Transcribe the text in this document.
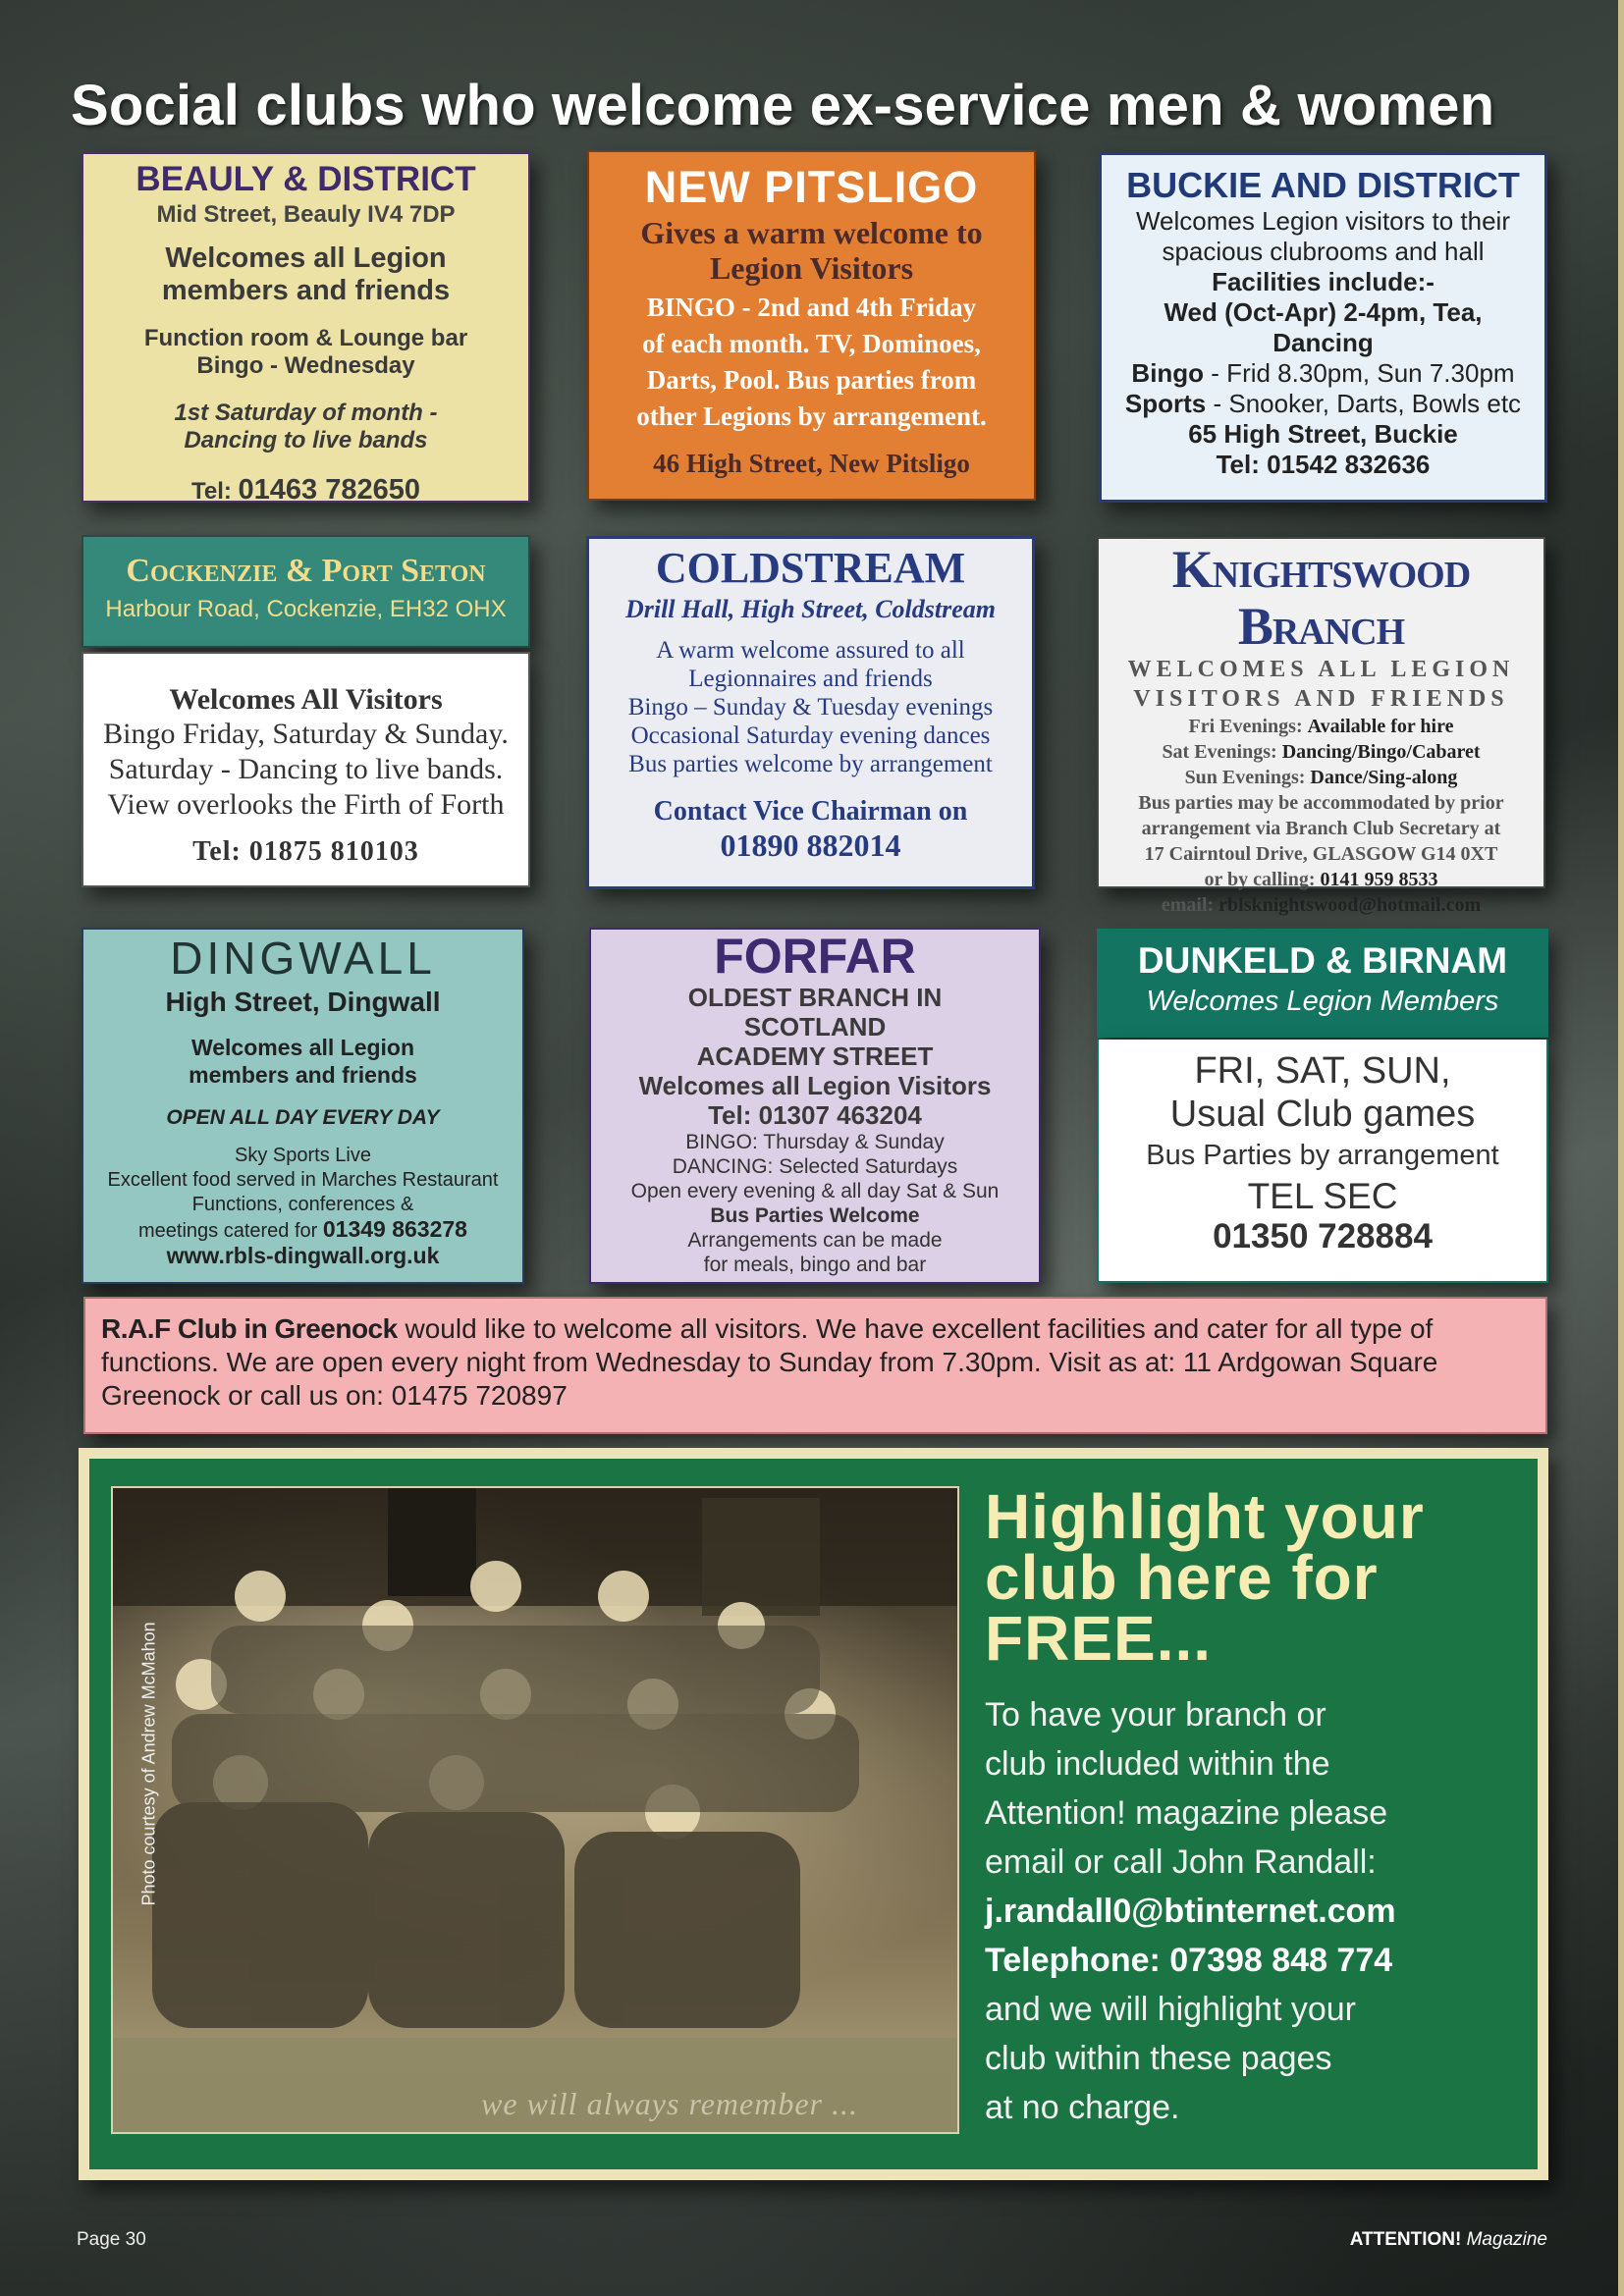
Social clubs who welcome ex-service men & women

BEAULY & DISTRICT

Mid Street, Beauly IV4 7DP

Welcomes all Legion
members and friends

Function room & Lounge bar
Bingo - Wednesday

1st Saturday of month -
Dancing to live bands

Tel: 01463 782650

NEW PITSLIGO

Gives a warm welcome to
Legion Visitors

BINGO - 2nd and 4th Friday
of each month. TV, Dominoes,
Darts, Pool. Bus parties from
other Legions by arrangement.

46 High Street, New Pitsligo

BUCKIE AND DISTRICT

Welcomes Legion visitors to their
spacious clubrooms and hall

Facilities include:-

Wed (Oct-Apr) 2-4pm, Tea,
Dancing

Bingo - Frid 8.30pm, Sun 7.30pm

Sports - Snooker, Darts, Bowls etc

65 High Street, Buckie

Tel: 01542 832636

Cockenzie & Port Seton

Harbour Road, Cockenzie, EH32 OHX

Welcomes All Visitors

Bingo Friday, Saturday & Sunday.

Saturday - Dancing to live bands.

View overlooks the Firth of Forth

Tel: 01875 810103

COLDSTREAM

Drill Hall, High Street, Coldstream

A warm welcome assured to all

Legionnaires and friends

Bingo – Sunday & Tuesday evenings

Occasional Saturday evening dances

Bus parties welcome by arrangement

Contact Vice Chairman on

01890 882014

Knightswood Branch

WELCOMES ALL LEGION
VISITORS AND FRIENDS

Fri Evenings: Available for hire

Sat Evenings: Dancing/Bingo/Cabaret

Sun Evenings: Dance/Sing-along

Bus parties may be accommodated by prior

arrangement via Branch Club Secretary at

17 Cairntoul Drive, GLASGOW G14 0XT

or by calling: 0141 959 8533

email: rblsknightswood@hotmail.com

DINGWALL

High Street, Dingwall

Welcomes all Legion
members and friends

OPEN ALL DAY EVERY DAY

Sky Sports Live

Excellent food served in Marches Restaurant

Functions, conferences &

meetings catered for 01349 863278

www.rbls-dingwall.org.uk

FORFAR

OLDEST BRANCH IN

SCOTLAND

ACADEMY STREET

Welcomes all Legion Visitors

Tel: 01307 463204

BINGO: Thursday & Sunday

DANCING: Selected Saturdays

Open every evening & all day Sat & Sun

Bus Parties Welcome

Arrangements can be made

for meals, bingo and bar

DUNKELD & BIRNAM

Welcomes Legion Members

FRI, SAT, SUN,

Usual Club games

Bus Parties by arrangement

TEL SEC

01350 728884

R.A.F Club in Greenock would like to welcome all visitors. We have excellent facilities and cater for all type of functions. We are open every night from Wednesday to Sunday from 7.30pm. Visit as at: 11 Ardgowan Square Greenock or call us on: 01475 720897
we will always remember ...
Photo courtesy of Andrew McMahon
Highlight your
club here for
FREE...
To have your branch or
club included within the
Attention! magazine please
email or call John Randall:
j.randall0@btinternet.com
Telephone: 07398 848 774
and we will highlight your
club within these pages
at no charge.
Page 30	ATTENTION! Magazine
